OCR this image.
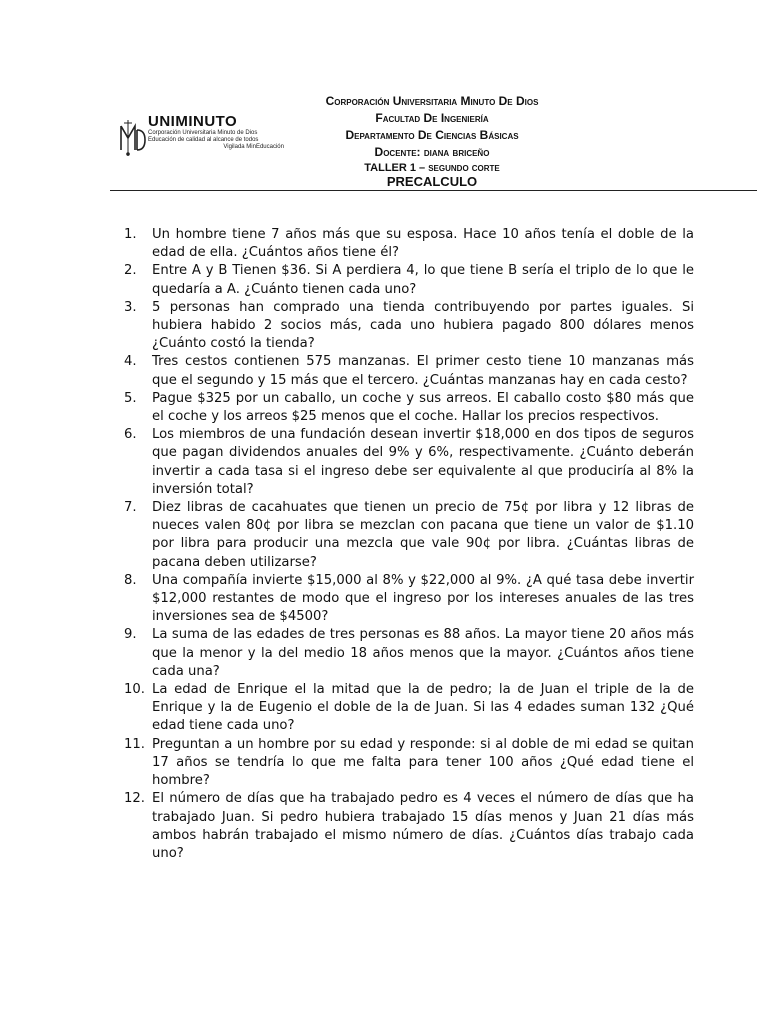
UNIMINUTO
Corporación Universitaria Minuto de Dios
Educación de calidad al alcance de todos
Vigilada MinEducación
Corporación Universitaria Minuto De Dios
Facultad De Ingeniería
Departamento De Ciencias Básicas
Docente: diana briceño
TALLER 1 – segundo corte
PRECALCULO
1.	Un hombre tiene 7 años más que su esposa. Hace 10 años tenía el doble de la edad de ella. ¿Cuántos años tiene él?
2.	Entre A y B Tienen $36. Si A perdiera 4, lo que tiene B sería el triplo de lo que le quedaría a A. ¿Cuánto tienen cada uno?
3.	5 personas han comprado una tienda contribuyendo por partes iguales. Si hubiera habido 2 socios más, cada uno hubiera pagado 800 dólares menos ¿Cuánto costó la tienda?
4.	Tres cestos contienen 575 manzanas. El primer cesto tiene 10 manzanas más que el segundo y 15 más que el tercero. ¿Cuántas manzanas hay en cada cesto?
5.	Pague $325 por un caballo, un coche y sus arreos. El caballo costo $80 más que el coche y los arreos $25 menos que el coche. Hallar los precios respectivos.
6.	Los miembros de una fundación desean invertir $18,000 en dos tipos de seguros que pagan dividendos anuales del 9% y 6%, respectivamente. ¿Cuánto deberán invertir a cada tasa si el ingreso debe ser equivalente al que produciría al 8% la inversión total?
7.	Diez libras de cacahuates que tienen un precio de 75¢ por libra y 12 libras de nueces valen 80¢ por libra se mezclan con pacana que tiene un valor de $1.10 por libra para producir una mezcla que vale 90¢ por libra. ¿Cuántas libras de pacana deben utilizarse?
8.	Una compañía invierte $15,000 al 8% y $22,000 al 9%. ¿A qué tasa debe invertir $12,000 restantes de modo que el ingreso por los intereses anuales de las tres inversiones sea de $4500?
9.	La suma de las edades de tres personas es 88 años. La mayor tiene 20 años más que la menor y la del medio 18 años menos que la mayor. ¿Cuántos años tiene cada una?
10. La edad de Enrique el la mitad que la de pedro; la de Juan el triple de la de Enrique y la de Eugenio el doble de la de Juan. Si las 4 edades suman 132 ¿Qué edad tiene cada uno?
11. Preguntan a un hombre por su edad y responde: si al doble de mi edad se quitan 17 años se tendría lo que me falta para tener 100 años ¿Qué edad tiene el hombre?
12. El número de días que ha trabajado pedro es 4 veces el número de días que ha trabajado Juan. Si pedro hubiera trabajado 15 días menos y Juan 21 días más ambos habrán trabajado el mismo número de días. ¿Cuántos días trabajo cada uno?
